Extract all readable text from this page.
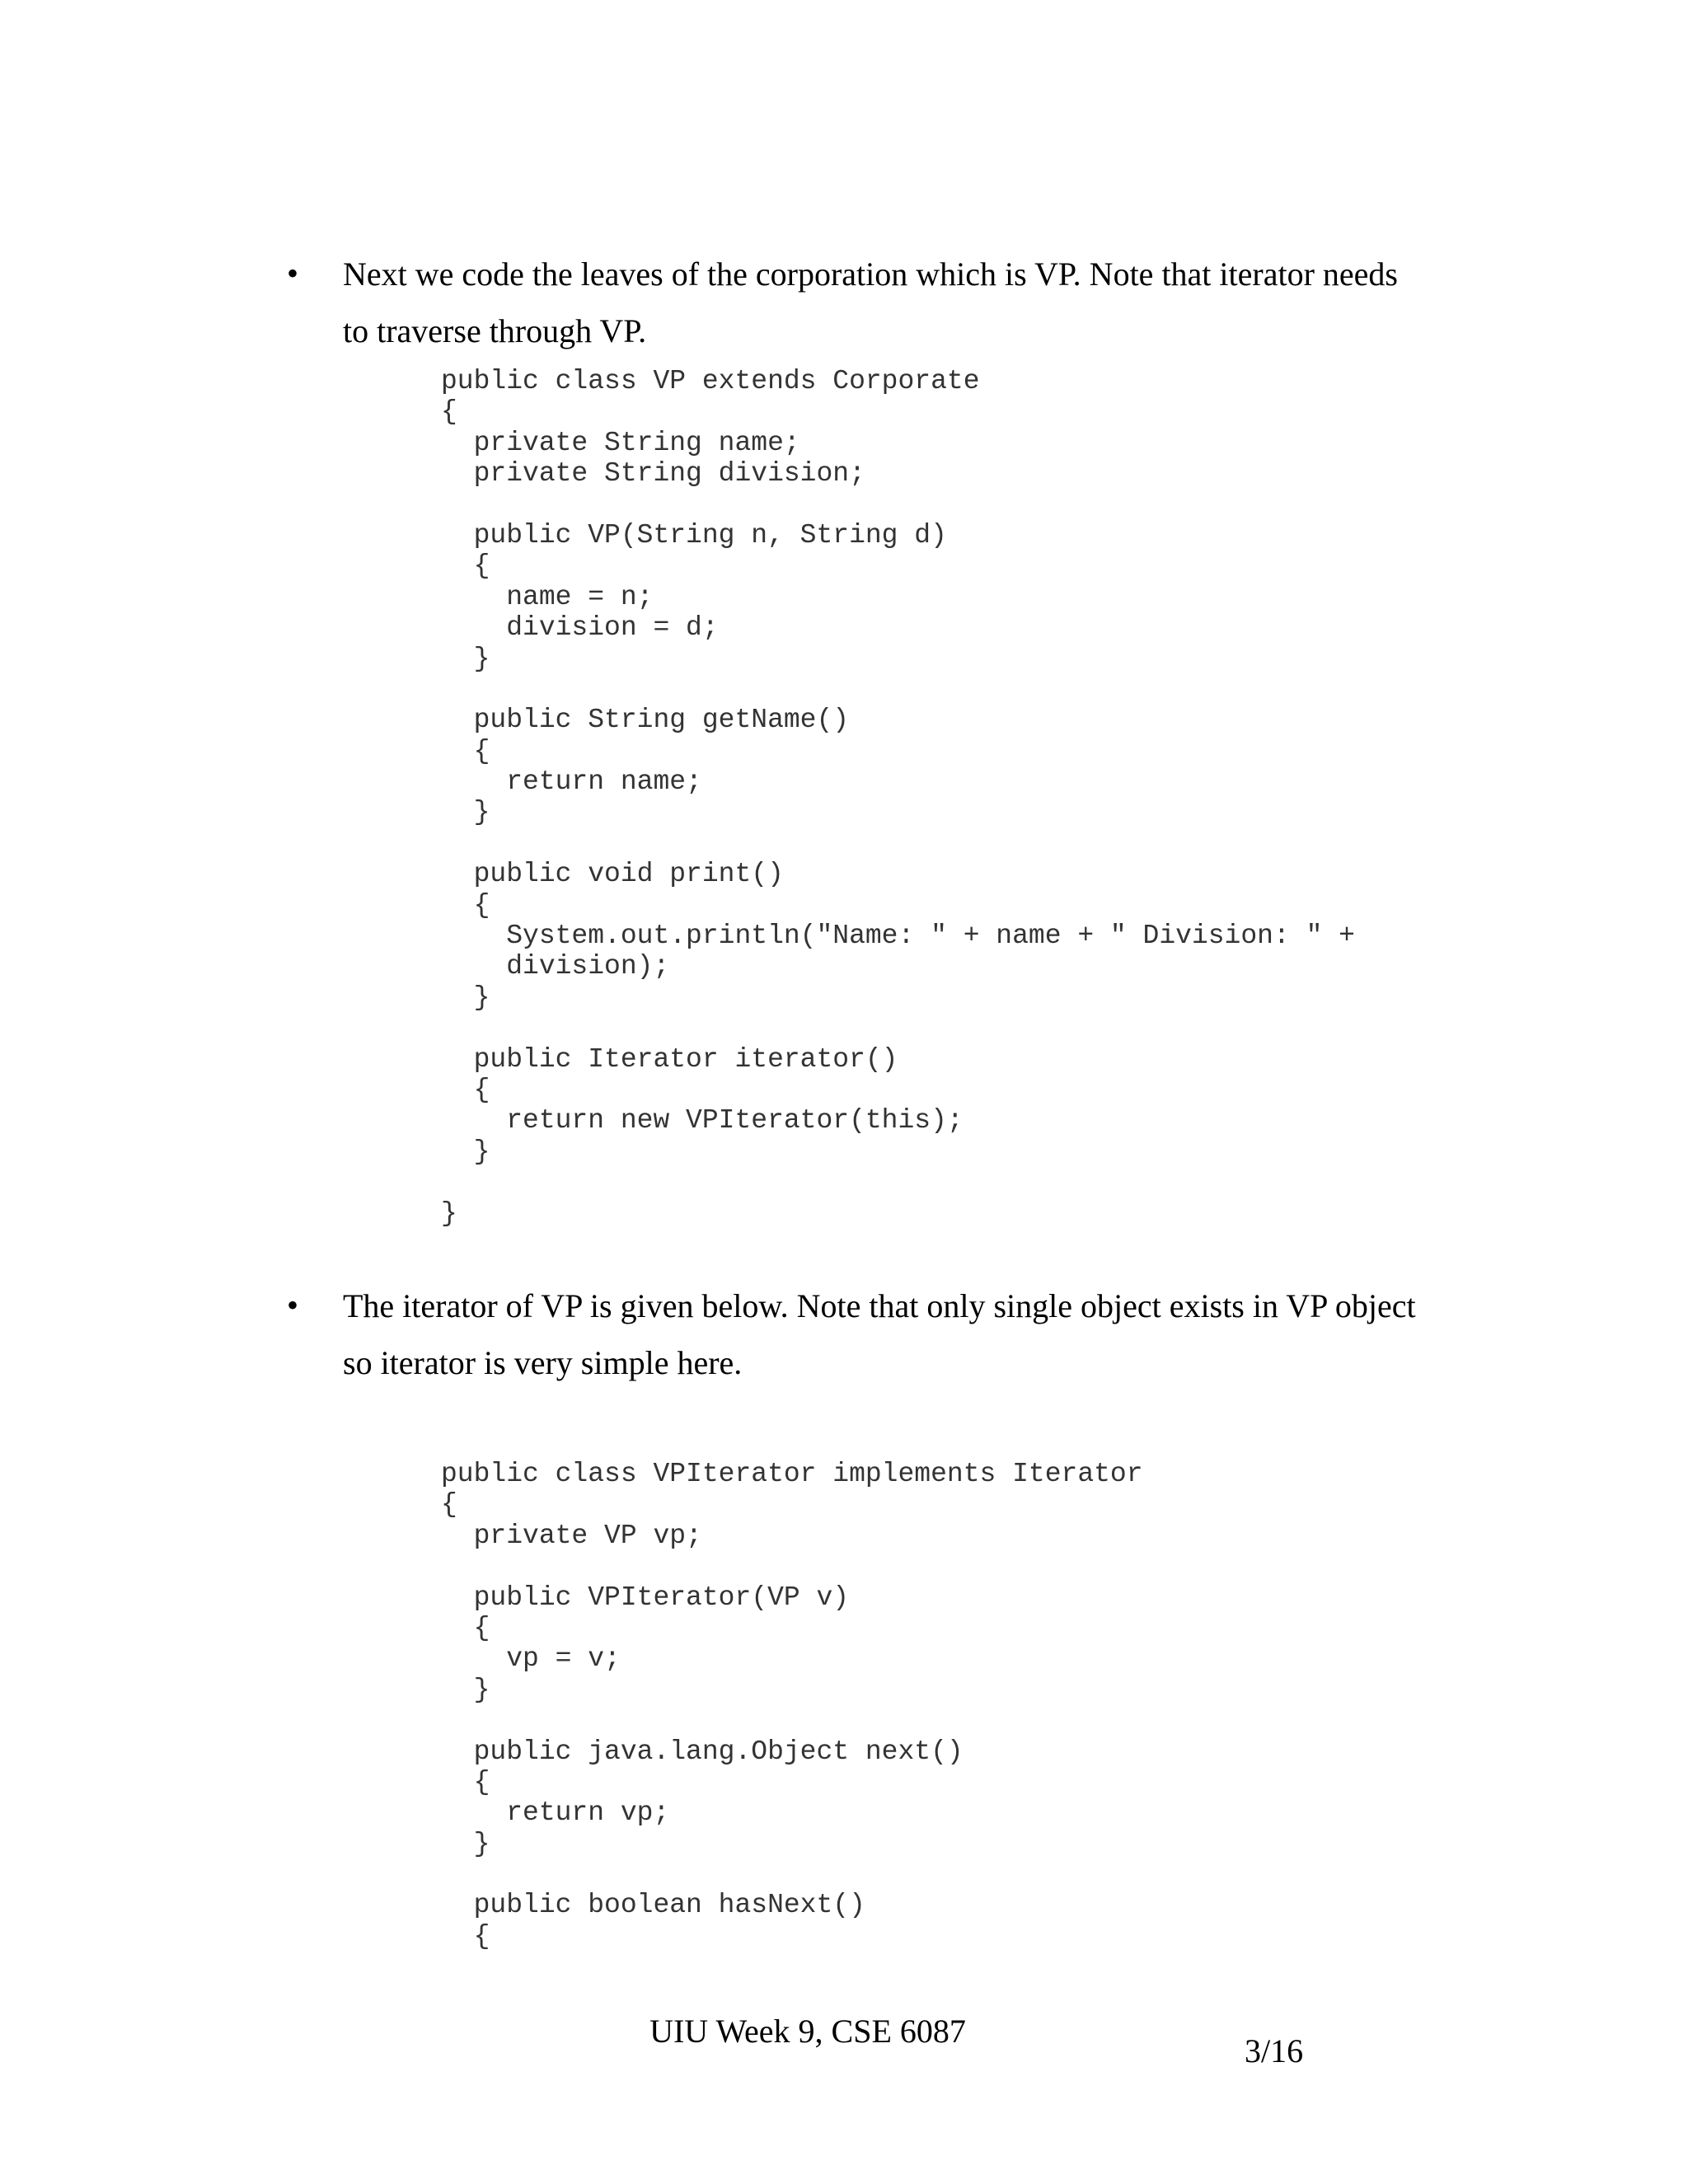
• Next we code the leaves of the corporation which is VP. Note that iterator needs
to traverse through VP.
public class VP extends Corporate
{
private String name;
private String division;
public VP(String n, String d)
{
name = n;
division = d;
}
public String getName()
{
return name;
}
public void print()
{
System.out.println("Name: " + name + " Division: " +
division);
}
public Iterator iterator()
{
return new VPIterator(this);
}
}
• The iterator of VP is given below. Note that only single object exists in VP object
so iterator is very simple here.
public class VPIterator implements Iterator
{
private VP vp;
public VPIterator(VP v)
{
vp = v;
}
public java.lang.Object next()
{
return vp;
}
public boolean hasNext()
{
UIU Week 9, CSE 6087
3/16
